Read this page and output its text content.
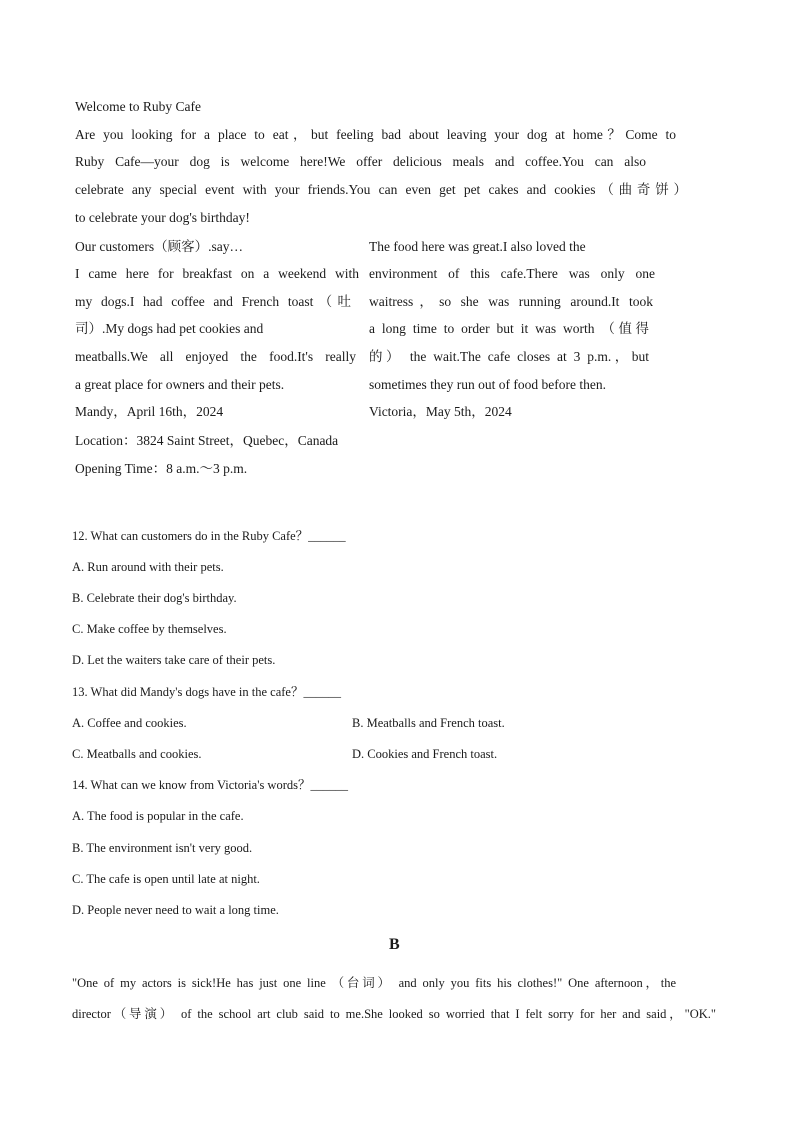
Welcome to Ruby Cafe
Are you looking for a place to eat，but feeling bad about leaving your dog at home？Come to
Ruby Cafe—your dog is welcome here!We offer delicious meals and coffee.You can also
celebrate any special event with your friends.You can even get pet cakes and cookies（曲奇饼）
to celebrate your dog's birthday!
Our customers（顾客）.say…
I came here for breakfast on a weekend with
my dogs.I had coffee and French toast（吐
司）.My dogs had pet cookies and
meatballs.We all enjoyed the food.It's really
a great place for owners and their pets.
Mandy，April 16th，2024
The food here was great.I also loved the
environment of this cafe.There was only one
waitress，so she was running around.It took
a long time to order but it was worth （值得
的） the wait.The cafe closes at 3 p.m.，but
sometimes they run out of food before then.
Victoria，May 5th，2024
Location：3824 Saint Street，Quebec，Canada
Opening Time：8 a.m.～3 p.m.
12. What can customers do in the Ruby Cafe？______
A. Run around with their pets.
B. Celebrate their dog's birthday.
C. Make coffee by themselves.
D. Let the waiters take care of their pets.
13. What did Mandy's dogs have in the cafe？______
A. Coffee and cookies.	B. Meatballs and French toast.
C. Meatballs and cookies.	D. Cookies and French toast.
14. What can we know from Victoria's words？______
A. The food is popular in the cafe.
B. The environment isn't very good.
C. The cafe is open until late at night.
D. People never need to wait a long time.
B
"One of my actors is sick!He has just one line （台词） and only you fits his clothes!" One afternoon，the
director（导演） of the school art club said to me.She looked so worried that I felt sorry for her and said，"OK."
